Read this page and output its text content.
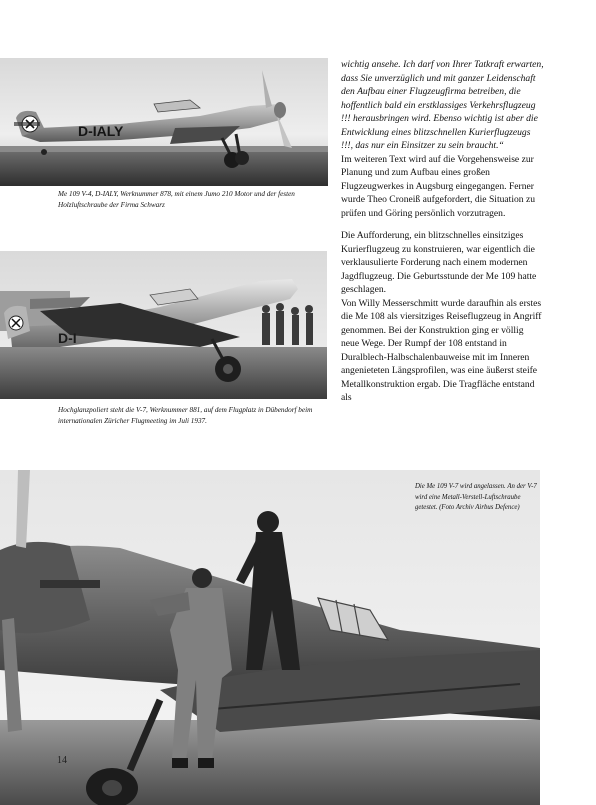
D-IALY
Me 109 V-4, D-IALY, Werknummer 878, mit einem Jumo 210 Motor und der festen Holzluftschraube der Firma Schwarz
D-I
Hochglanzpoliert steht die V-7, Werknummer 881, auf dem Flugplatz in Dübendorf beim internationalen Züricher Flugmeeting im Juli 1937.

wichtig ansehe. Ich darf von Ihrer Tatkraft erwarten, dass Sie unverzüglich und mit ganzer Leidenschaft den Aufbau einer Flugzeugfirma betreiben, die hoffentlich bald ein erstklassiges Verkehrsflugzeug !!! herausbringen wird. Ebenso wichtig ist aber die Entwicklung eines blitzschnellen Kurierflugzeugs !!!, das nur ein Einsitzer zu sein braucht.“

Im weiteren Text wird auf die Vorgehensweise zur Planung und zum Aufbau eines großen Flugzeugwerkes in Augsburg eingegangen. Ferner wurde Theo Croneiß aufgefordert, die Situation zu prüfen und Göring persönlich vorzutragen.

Die Aufforderung, ein blitzschnelles einsitziges Kurierflugzeug zu konstruieren, war eigentlich die verklausulierte Forderung nach einem modernen Jagdflugzeug. Die Geburtsstunde der Me 109 hatte geschlagen.

Von Willy Messerschmitt wurde daraufhin als erstes die Me 108 als viersitziges Reiseflugzeug in Angriff genommen. Bei der Konstruktion ging er völlig neue Wege. Der Rumpf der 108 entstand in Duralblech-Halbschalenbauweise mit im Inneren angenieteten Längsprofilen, was eine äußerst steife Metallkonstruktion ergab. Die Tragfläche entstand als

Die Me 109 V-7 wird angelassen. An der V-7 wird eine Metall-Verstell-Luftschraube getestet. (Foto Archiv Airbus Defence)
14
